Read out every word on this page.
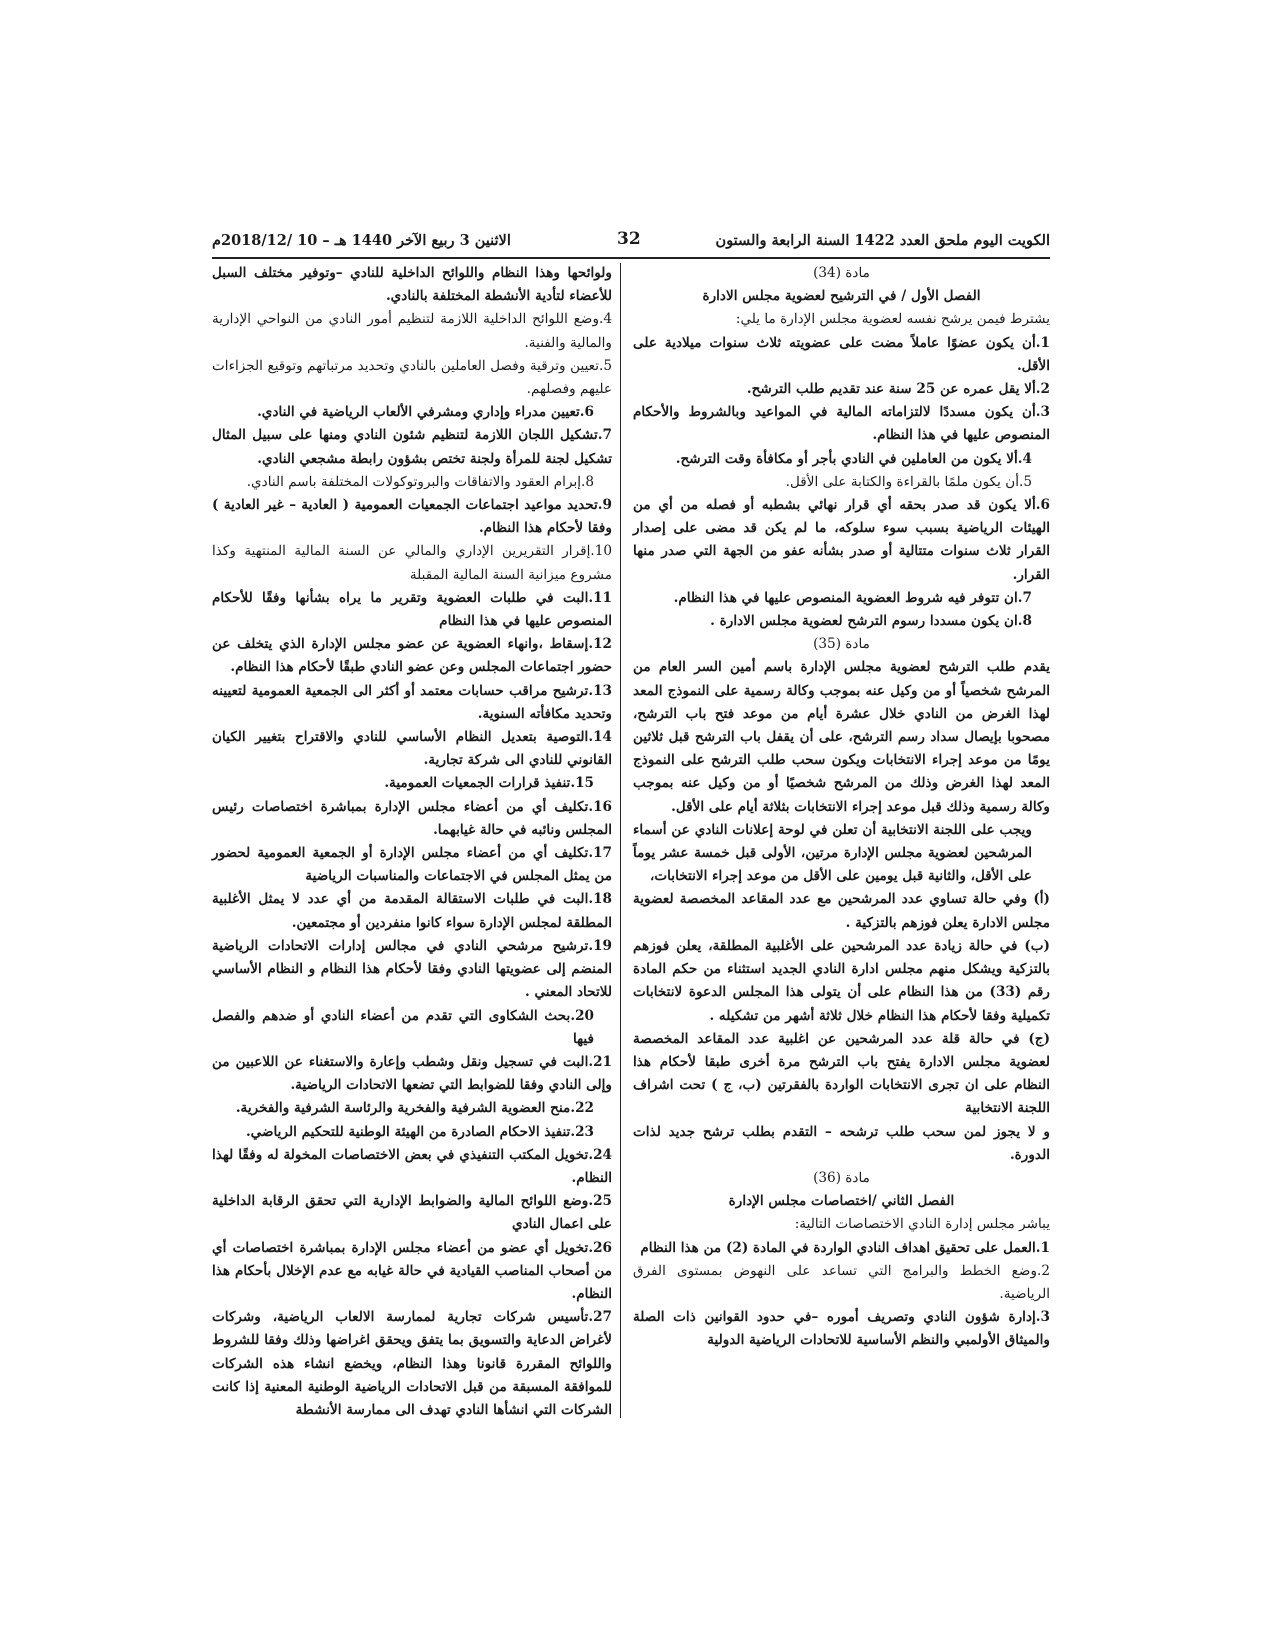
الكويت اليوم ملحق العدد 1422 السنة الرابعة والستون
32
الاثنين 3 ربيع الآخر 1440 هـ – 10 /2018/12م

مادة (34)

الفصل الأول / في الترشيح لعضوية مجلس الادارة

يشترط فيمن يرشح نفسه لعضوية مجلس الإدارة ما يلي:

1.أن يكون عضوًا عاملاً مضت على عضويته ثلاث سنوات ميلادية على الأقل.

2.ألا يقل عمره عن 25 سنة عند تقديم طلب الترشح.

3.أن يكون مسددًا لالتزاماته المالية في المواعيد وبالشروط والأحكام المنصوص عليها في هذا النظام.

4.ألا يكون من العاملين في النادي بأجر أو مكافأة وقت الترشح.

5.أن يكون ملمًا بالقراءة والكتابة على الأقل.

6.ألا يكون قد صدر بحقه أي قرار نهائي بشطبه أو فصله من أي من الهيئات الرياضية بسبب سوء سلوكه، ما لم يكن قد مضى على إصدار القرار ثلاث سنوات متتالية أو صدر بشأنه عفو من الجهة التي صدر منها القرار.

7.ان تتوفر فيه شروط العضوية المنصوص عليها في هذا النظام.

8.ان يكون مسددا رسوم الترشح لعضوية مجلس الادارة .

مادة (35)

يقدم طلب الترشح لعضوية مجلس الإدارة باسم أمين السر العام من المرشح شخصياً أو من وكيل عنه بموجب وكالة رسمية على النموذج المعد لهذا الغرض من النادي خلال عشرة أيام من موعد فتح باب الترشح، مصحوبا بإيصال سداد رسم الترشح، على أن يقفل باب الترشح قبل ثلاثين يومًا من موعد إجراء الانتخابات ويكون سحب طلب الترشح على النموذج المعد لهذا الغرض وذلك من المرشح شخصيًا أو من وكيل عنه بموجب وكالة رسمية وذلك قبل موعد إجراء الانتخابات بثلاثة أيام على الأقل.

ويجب على اللجنة الانتخابية أن تعلن في لوحة إعلانات النادي عن أسماء المرشحين لعضوية مجلس الإدارة مرتين، الأولى قبل خمسة عشر يوماً على الأقل، والثانية قبل يومين على الأقل من موعد إجراء الانتخابات،

(أ) وفي حالة تساوي عدد المرشحين مع عدد المقاعد المخصصة لعضوية مجلس الادارة يعلن فوزهم بالتزكية .

(ب) في حالة زيادة عدد المرشحين على الأغلبية المطلقة، يعلن فوزهم بالتزكية ويشكل منهم مجلس ادارة النادي الجديد استثناء من حكم المادة رقم (33) من هذا النظام على أن يتولى هذا المجلس الدعوة لانتخابات تكميلية وفقا لأحكام هذا النظام خلال ثلاثة أشهر من تشكيله .

(ج) في حالة قلة عدد المرشحين عن اغلبية عدد المقاعد المخصصة لعضوية مجلس الادارة يفتح باب الترشح مرة أخرى طبقا لأحكام هذا النظام على ان تجرى الانتخابات الواردة بالفقرتين (ب، ج ) تحت اشراف اللجنة الانتخابية

و لا يجوز لمن سحب طلب ترشحه – التقدم بطلب ترشح جديد لذات الدورة.

مادة (36)

الفصل الثاني /اختصاصات مجلس الإدارة

يباشر مجلس إدارة النادي الاختصاصات التالية:

1.العمل على تحقيق اهداف النادي الواردة في المادة (2) من هذا النظام

2.وضع الخطط والبرامج التي تساعد على النهوض بمستوى الفرق الرياضية.

3.إدارة شؤون النادي وتصريف أموره –في حدود القوانين ذات الصلة والميثاق الأولمبي والنظم الأساسية للاتحادات الرياضية الدولية

ولوائحها وهذا النظام واللوائح الداخلية للنادي –وتوفير مختلف السبل للأعضاء لتأدية الأنشطة المختلفة بالنادي.

4.وضع اللوائح الداخلية اللازمة لتنظيم أمور النادي من النواحي الإدارية والمالية والفنية.

5.تعيين وترقية وفصل العاملين بالنادي وتحديد مرتباتهم وتوقيع الجزاءات عليهم وفصلهم.

6.تعيين مدراء وإداري ومشرفي الألعاب الرياضية في النادي.

7.تشكيل اللجان اللازمة لتنظيم شئون النادي ومنها على سبيل المثال تشكيل لجنة للمرأة ولجنة تختص بشؤون رابطة مشجعي النادي.

8.إبرام العقود والاتفاقات والبروتوكولات المختلفة باسم النادي.

9.تحديد مواعيد اجتماعات الجمعيات العمومية ( العادية – غير العادية ) وفقا لأحكام هذا النظام.

10.إقرار التقريرين الإداري والمالي عن السنة المالية المنتهية وكذا مشروع ميزانية السنة المالية المقبلة

11.البت في طلبات العضوية وتقرير ما يراه بشأنها وفقًا للأحكام المنصوص عليها في هذا النظام

12.إسقاط ،وانهاء العضوية عن عضو مجلس الإدارة الذي يتخلف عن حضور اجتماعات المجلس وعن عضو النادي طبقًا لأحكام هذا النظام.

13.ترشيح مراقب حسابات معتمد أو أكثر الى الجمعية العمومية لتعيينه وتحديد مكافأته السنوية.

14.التوصية بتعديل النظام الأساسي للنادي والاقتراح بتغيير الكيان القانوني للنادي الى شركة تجارية.

15.تنفيذ قرارات الجمعيات العمومية.

16.تكليف أي من أعضاء مجلس الإدارة بمباشرة اختصاصات رئيس المجلس ونائبه في حالة غيابهما.

17.تكليف أي من أعضاء مجلس الإدارة أو الجمعية العمومية لحضور من يمثل المجلس في الاجتماعات والمناسبات الرياضية

18.البت في طلبات الاستقالة المقدمة من أي عدد لا يمثل الأغلبية المطلقة لمجلس الإدارة سواء كانوا منفردين أو مجتمعين.

19.ترشيح مرشحي النادي في مجالس إدارات الاتحادات الرياضية المنضم إلى عضويتها النادي وفقا لأحكام هذا النظام و النظام الأساسي للاتحاد المعني .

20.بحث الشكاوى التي تقدم من أعضاء النادي أو ضدهم والفصل فيها

21.البت في تسجيل ونقل وشطب وإعارة والاستغناء عن اللاعبين من وإلى النادي وفقا للضوابط التي تضعها الاتحادات الرياضية.

22.منح العضوية الشرفية والفخرية والرئاسة الشرفية والفخرية.

23.تنفيذ الاحكام الصادرة من الهيئة الوطنية للتحكيم الرياضي.

24.تخويل المكتب التنفيذي في بعض الاختصاصات المخولة له وفقًا لهذا النظام.

25.وضع اللوائح المالية والضوابط الإدارية التي تحقق الرقابة الداخلية على اعمال النادي

26.تخويل أي عضو من أعضاء مجلس الإدارة بمباشرة اختصاصات أي من أصحاب المناصب القيادية في حالة غيابه مع عدم الإخلال بأحكام هذا النظام.

27.تأسيس شركات تجارية لممارسة الالعاب الرياضية، وشركات لأغراض الدعاية والتسويق بما يتفق ويحقق اغراضها وذلك وفقا للشروط واللوائح المقررة قانونا وهذا النظام، ويخضع انشاء هذه الشركات للموافقة المسبقة من قبل الاتحادات الرياضية الوطنية المعنية إذا كانت الشركات التي انشأها النادي تهدف الى ممارسة الأنشطة
